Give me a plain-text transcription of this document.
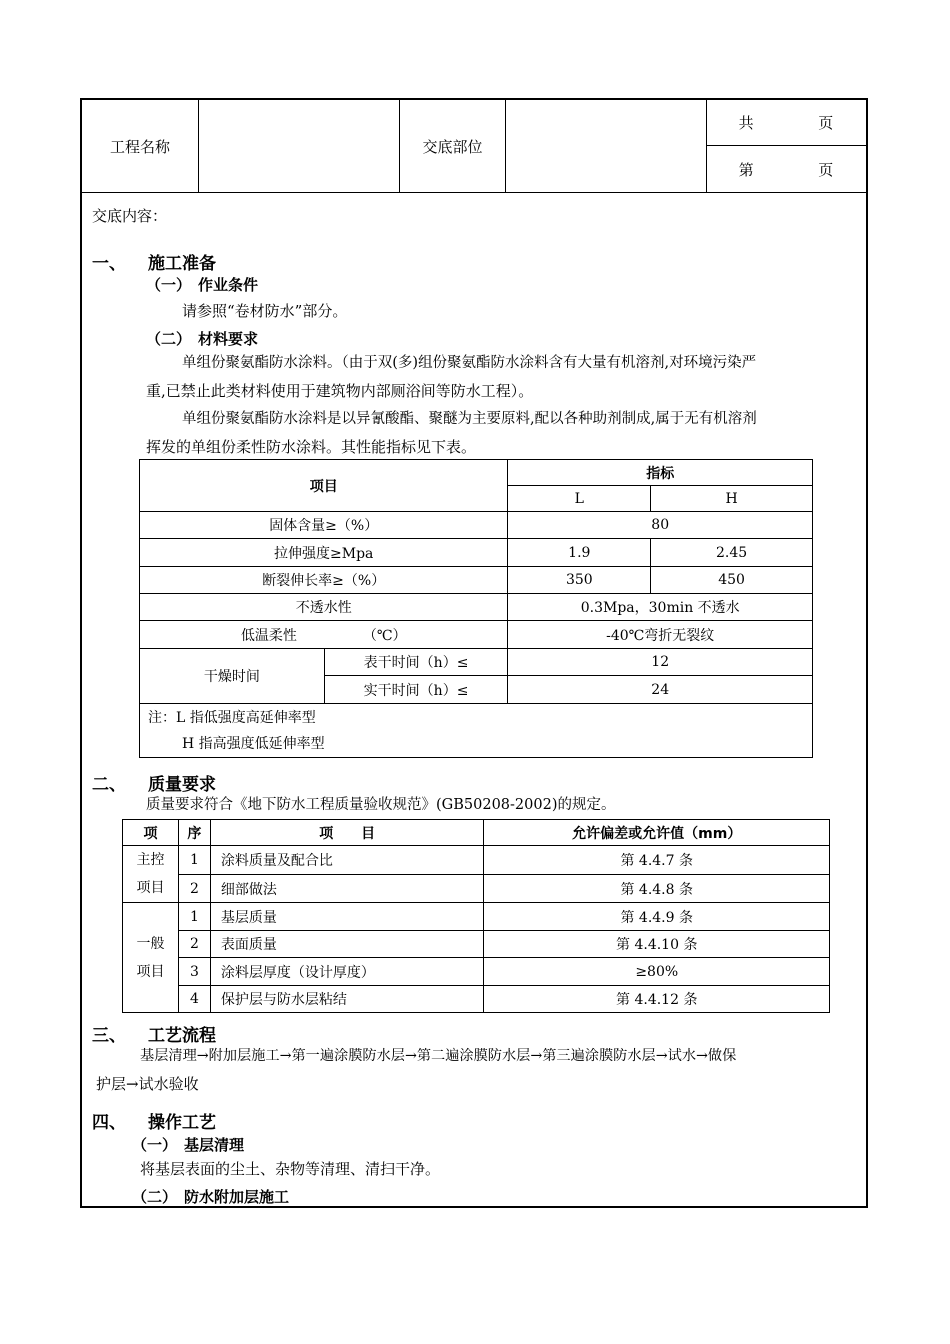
工程名称	交底部位
共	页
第	页
交底内容：
一、 施工准备
（一） 作业条件
请参照“卷材防水”部分。
（二） 材料要求
单组份聚氨酯防水涂料。（由于双(多)组份聚氨酯防水涂料含有大量有机溶剂,对环境污染严
重,已禁止此类材料使用于建筑物内部厕浴间等防水工程）。
单组份聚氨酯防水涂料是以异氰酸酯、聚醚为主要原料,配以各种助剂制成,属于无有机溶剂
挥发的单组份柔性防水涂料。其性能指标见下表。
项目		指标	
		L	H
固体含量≥（%）		80	
拉伸强度≥Mpa		1.9	2.45
断裂伸长率≥（%）		350	450
不透水性		0.3Mpa，30min 不透水	
低温柔性 （℃）		-40℃弯折无裂纹	
干燥时间	表干时间（h）≤	12	
	实干时间（h）≤	24	

注：L 指低强度高延伸率型
H 指高强度低延伸率型			
二、 质量要求
质量要求符合《地下防水工程质量验收规范》(GB50208-2002)的规定。
项	序	项　　目	允许偏差或允许值（mm）

主控
项目	1	涂料质量及配合比	第 4.4.7 条
	2	细部做法	第 4.4.8 条

一般
项目	1	基层质量	第 4.4.9 条
	2	表面质量	第 4.4.10 条
	3	涂料层厚度（设计厚度）	≥80%
	4	保护层与防水层粘结	第 4.4.12 条
三、 工艺流程
基层清理→附加层施工→第一遍涂膜防水层→第二遍涂膜防水层→第三遍涂膜防水层→试水→做保
护层→试水验收
四、 操作工艺
（一） 基层清理
将基层表面的尘土、杂物等清理、清扫干净。
（二） 防水附加层施工
